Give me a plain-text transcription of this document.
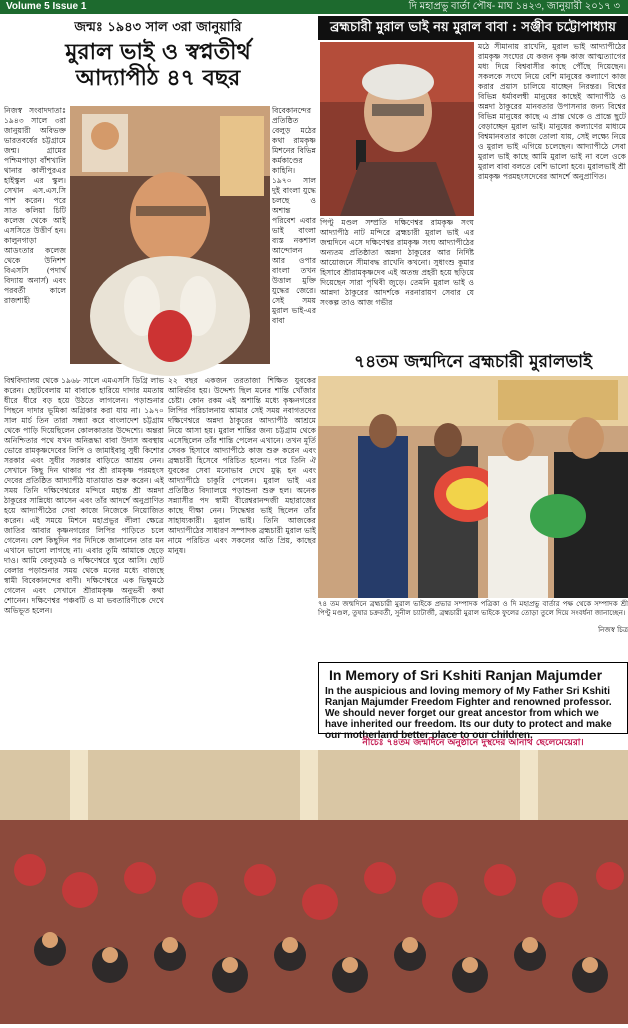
Volume 5 Issue 1	দি মহাপ্রভু বার্তা পৌষ- মাঘ ১৪২৩, জানুয়ারী ২০১৭ ৩
জন্মঃ ১৯৪৩ সাল ৩রা জানুয়ারি
মুরাল ভাই ও স্বপ্নতীর্থ
আদ্যাপীঠ ৪৭ বছর
নিজস্ব সংবাদদাতাঃ ১৯৪৩ সালে ৩রা জানুয়ারী অবিভক্ত ভারতবর্ষের চট্টগ্রামে জন্ম। গ্রামের পশ্চিমপাড়া বাঁশখালি থানার কালীপুরএর হাইস্কুল এর স্কুল। সেখান এস.এস.সি পাশ করেন। পরে সাত কলিয়া চিটি কলেজ থেকে আই এসসিতে উত্তীর্ণ হন। কালুনগাড়া আডংতার কলেজ থেকে উনিশশ বিএসসি (পদার্থ বিদ্যায় অনার্স) এবং পরবর্তী কালে রাজশাহী
বিবেকানন্দের প্রতিষ্ঠিত বেলুড় মঠের কথা রামকৃষ্ণ মিশনের বিভিন্ন কর্মকাণ্ডের কাহিনি। ১৯৭০ সাল দুই বাংলা যুদ্ধে চলছে ও অশান্ত পরিবেশ এবার ভাই বাংলা ব্যস্ত নকশাল আন্দোলন আর ওপার বাংলা তখন উত্তাল মুক্তি যুদ্ধের জেরে। সেই সময় মুরাল ভাই-এর বাবা
বিশ্ববিদ্যালয় থেকে ১৯৬৮ সালে এমএসসি ডিগ্রি লাভ করেন। ছোটবেলায় মা বাবাকে হারিয়ে দাদার মমতায় ধীরে ধীরে বড় হয়ে উঠতে লাগলেন। পড়াশুনার পিছনে দাদার ভূমিকা অগ্রিকার করা যায় না। ১৯৭০ সাল মার্চ তিন তারা সন্ধ্যা করে বাংলাদেশ চট্টগ্রাম থেকে পাড়ি দিয়েছিলেন কোলকাতার উদ্দেশ্যে। অন্তরা অনিশ্চিতার পথে যখন অনিরূদ্ধা বাবা উদাস অবস্থায় ভোরে রামকৃষ্ণদেবের লিপি ও জামাইবাবু সুধী কিশোর সরকার এবং সুধীর সরকার বাড়িতে আশ্রয় নেন। সেখানে কিছু দিন থাকার পর শ্রী রামকৃষ্ণ পরমহংস দেবের প্রতিষ্ঠিত আদ্যাপীঠ যাতায়াত শুরু করেন। এই সময় তিনি দক্ষিণেশ্বরের মন্দিরে মহান্ত শ্রী অন্নদা ঠাকুরের সান্নিধ্যে আসেন এবং তাঁর আদর্শে অনুপ্রাণিত হয়ে আদ্যাপীঠের সেবা কাজে নিজেকে নিয়োজিত করেন। এই সময়ে মিশনে মহাপ্রভুর লীলা ক্ষেত্রে জাতির আবার কৃষ্ণনগরের লিপির পাড়িতে চলে গেলেন। বেশ কিছুদিন পর দিদিকে জানালেন তার মন এখানে ভালো লাগছে না। এবার তুমি আমাকে ছেড়ে দাও। আমি বেলুড়মঠ ও দক্ষিণেশ্বরে ঘুরে আসি। ছোট বেলার পড়াশুনার সময় থেকে মনের মধ্যে বাজছে স্বামী বিবেকানন্দের বাণী। দক্ষিণেশ্বরে এক ভিক্ষুমঠে গেলেন এবং সেখানে শ্রীরামকৃষ্ণ অনুভবী কথা শোনেন। দক্ষিণেশ্বর পঞ্চবটি ও মা ভবতারিণীকে দেখে অভিভূত হলেন।
২২ বছর একজন তরতাজা শিক্ষিত যুবকের আবির্ভাব হয়। উদ্দেশ্য ছিল মনের শান্তি খোঁজার চেষ্টা। কোন রকম এই অশান্তি মধ্যে কৃষ্ণনগরের লিপির পরিচালনায় আমার সেই সময় নবাগতদের দক্ষিণেশ্বরে অন্নদা ঠাকুরের আদ্যাপীঠ আশ্রমে নিয়ে আসা হয়। মুরাল শান্তির জন্য চট্টগ্রাম থেকে এসেছিলেন তাঁর শান্তি পেলেন এখানে। তখন মূর্তি সেবক হিসাবে আদ্যাপীঠে কাজ শুরু করেন এবং ব্রহ্মচারী হিসেবে পরিচিত হলেন। পরে তিনি ঐ যুবকের সেবা মনোভাব দেখে মুগ্ধ হন এবং আদ্যাপীঠে চাকুরি পেলেন। মুরাল ভাই এর প্রতিষ্ঠিত বিদ্যালয়ে পড়াশুনা শুরু হল। অনেক সন্ন্যাসীর পদ স্বামী বীরেশ্বরানন্দজী মহারাজের কাছে দীক্ষা নেন। সিদ্ধেশ্বর ভাই ছিলেন তাঁর সাহায্যকারী। মুরাল ভাই। তিনি আজকের আদ্যাপীঠের সাধারণ সম্পাদক ব্রহ্মচারী মুরাল ভাই নামে পরিচিত এবং সকলের অতি প্রিয়, কাছের মানুষ।
ব্রহ্মচারী মুরাল ভাই নয় মুরাল বাবা : সঞ্জীব চট্টোপাধ্যায়
মঠে সীমানায় রাখেনি, মুরাল ভাই আদ্যাপীঠের রামকৃষ্ণ সংঘের যে কজন কৃষ্ণ কাজ আত্মত্যাগের মধ্য দিয়ে বিশ্ববাসীর কাছে পৌঁছে দিয়েছেন। সকলকে সংঘে নিয়ে বেশি মানুষের কল্যাণে কাজ করার প্রয়াস চালিয়ে যাচ্ছেন নিরন্তর। বিশ্বের বিভিন্ন ধর্মাবলম্বী মানুষের কাছেই আদ্যাপীঠ ও অন্নদা ঠাকুরের মানবতার উপাসনার জন্য বিশ্বের বিভিন্ন মানুষের কাছে এ প্রান্ত থেকে ও প্রান্তে ছুটে বেড়াচ্ছেন মুরাল ভাই। মানুষের কল্যাণের মাধ্যমে বিশ্বমানবতার কাজে তোলা যায়, সেই লক্ষ্যে নিয়ে ও মুরাল ভাই এগিয়ে চলেছেন। আদ্যাপীঠে সেবা মুরাল ভাই কাছে আমি মুরাল ভাই না বলে ওকে মুরাল বাবা বলতে বেশি ভালো হবে। মুরালভাই শ্রী রামকৃষ্ণ পরমহংসদেবের আদর্শে অনুপ্রাণিত।
পিণ্টু মণ্ডল সম্প্রতি দক্ষিণেশ্বর রামকৃষ্ণ সংঘ আদ্যাপীঠ নাট মন্দিরে ব্রহ্মচারী মুরাল ভাই এর জন্মদিনে এসে দক্ষিণেশ্বর রামকৃষ্ণ সংঘ আদ্যাপীঠের অন্যতম প্রতিষ্ঠাতা অন্নদা ঠাকুরের আর নির্দিষ্ট আয়োজনে সীমাবদ্ধ রাখেনি কখনো। সুধাংশু কুমার হিসাবে শ্রীরামকৃষ্ণদেব এই অতন্দ্র প্রহরী হয়ে ছড়িয়ে দিয়েছেন সারা পৃথিবী জুড়ে। তেমনি মুরাল ভাই ও আন্নদা ঠাকুরের আদর্শকে নরনারায়ণ সেবার যে সংকল্প তাও আজ গভীর
৭৪তম জন্মদিনে ব্রহ্মচারী মুরালভাই
৭৪ তম জন্মদিনে ব্রহ্মচারী মুরাল ভাইকে প্রভার সম্পাদক পত্রিকা ও দি মহাপ্রভু বার্তার পক্ষ থেকে সম্পাদক শ্রী পিণ্টু মণ্ডল, তুষার চক্রবর্তী, সুনীল চ্যাটার্জী, ব্রহ্মচারী মুরাল ভাইকে ফুলের তোড়া তুলে দিয়ে সংবর্ধনা জানাচ্ছেন।
নিজস্ব চিত্র
In Memory of Sri Kshiti Ranjan Majumder
In the auspicious and loving memory of My Father Sri Kshiti Ranjan Majumder Freedom Fighter and renowned professor. We should never forget our great ancestor from which we have inherited our freedom. Its our duty to protect and make our motherland better place to our children.
নীচেঃ ৭৪তম জন্মদিনে অনুষ্ঠানে দুস্থদের আনাথ ছেলেমেয়েরা।
